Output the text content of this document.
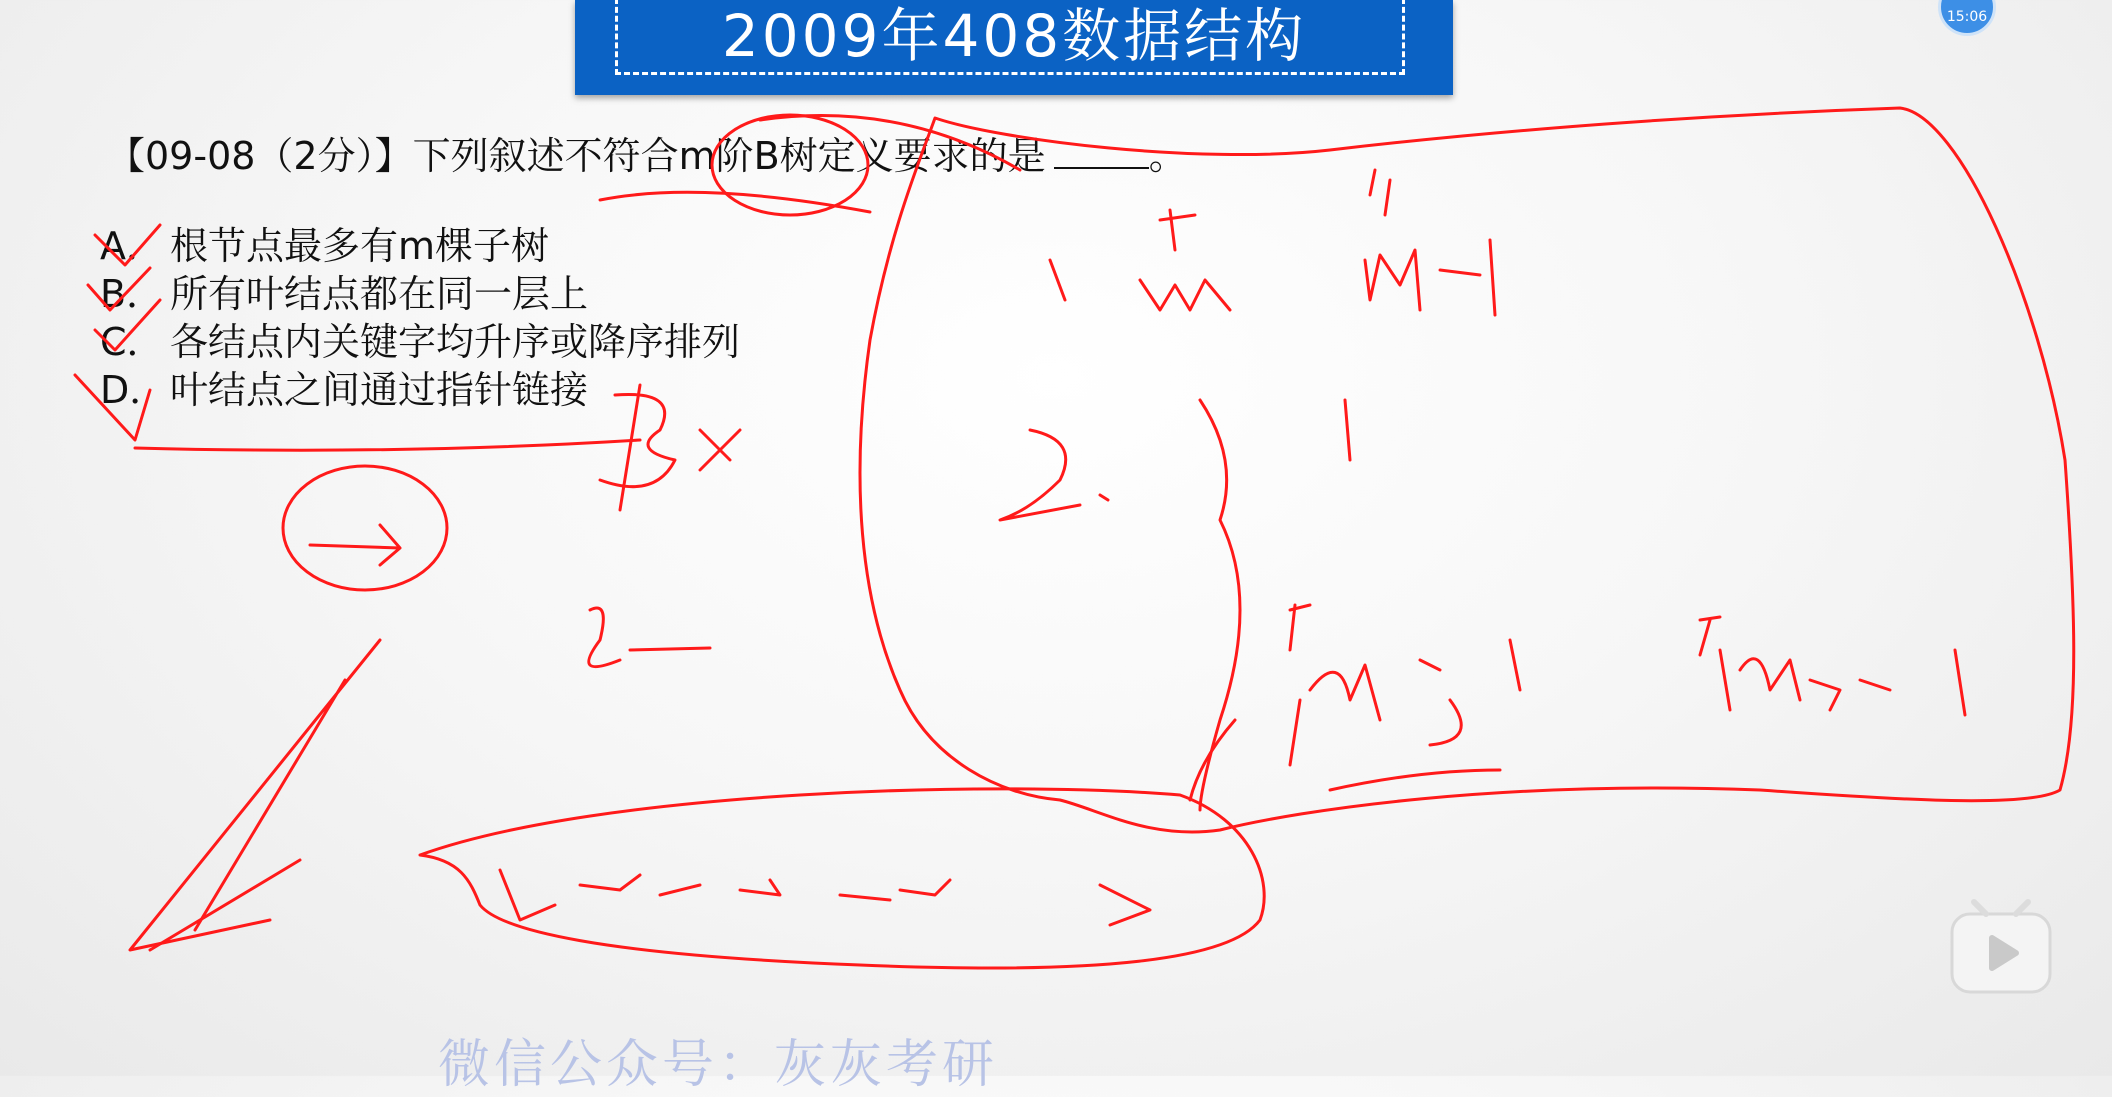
2009年408数据结构
【09-08（2分）】下列叙述不符合m阶B树定义要求的是	。
A． 根节点最多有m棵子树
B． 所有叶结点都在同一层上
C． 各结点内关键字均升序或降序排列
D．叶结点之间通过指针链接
15:06
微信公众号：灰灰考研
